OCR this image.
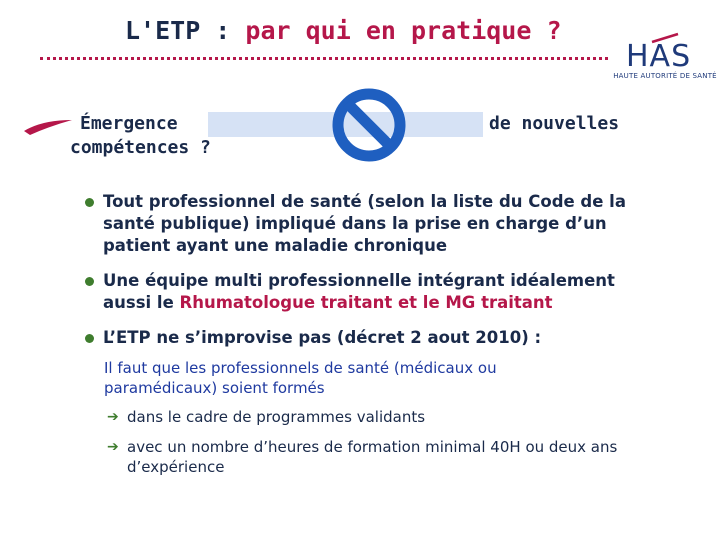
L'ETP : par qui en pratique ?
HAS
HAUTE AUTORITÉ DE SANTÉ

Émergence	de nouvelles

compétences ?

Tout professionnel de santé (selon la liste du Code de la santé publique) impliqué dans la prise en charge d’un patient ayant une maladie chronique
Une équipe multi professionnelle intégrant idéalement aussi le Rhumatologue traitant et le MG traitant
L’ETP ne s’improvise pas (décret 2 aout 2010) :
Il faut que les professionnels de santé (médicaux ou paramédicaux) soient formés
➔ dans le cadre de programmes validants
➔ avec un nombre d’heures de formation minimal 40H ou deux ans d’expérience
